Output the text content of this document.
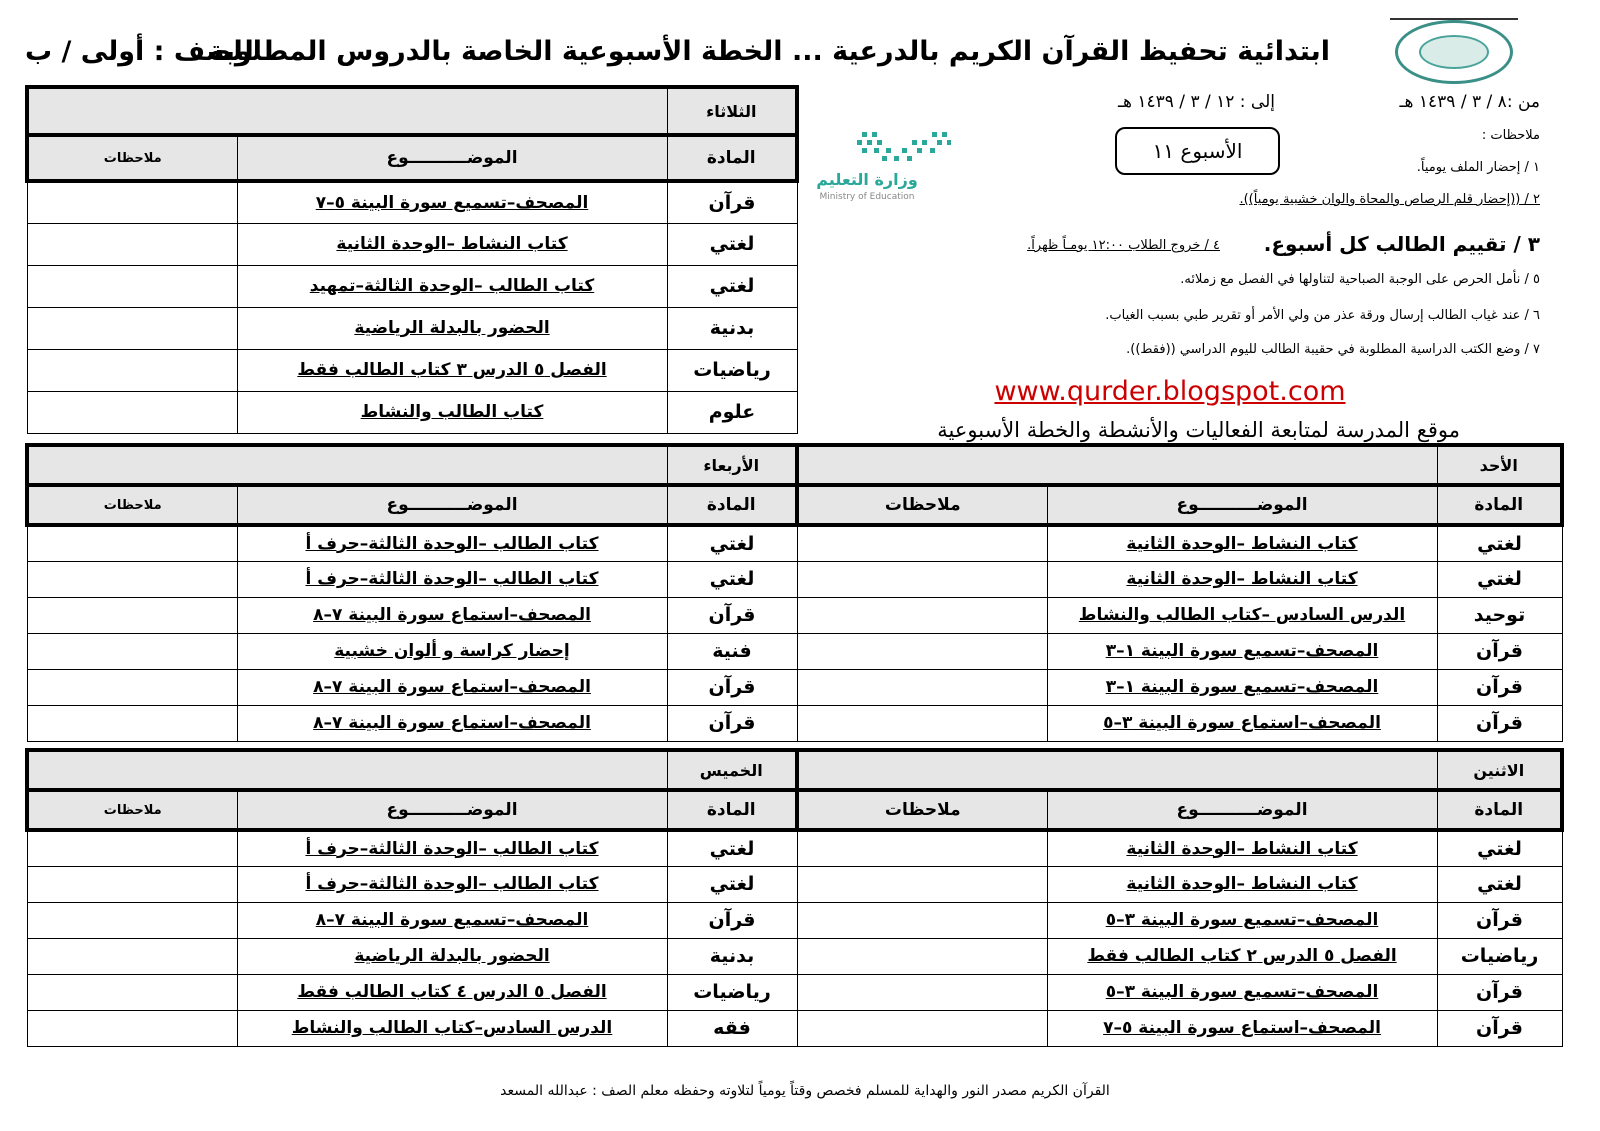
ابتدائية تحفيظ القرآن الكريم بالدرعية ... الخطة الأسبوعية الخاصة بالدروس المطلوبة
للصف : أولى / ب
من :٨ / ٣ / ١٤٣٩ هـ
إلى : ١٢ / ٣ / ١٤٣٩ هـ
ملاحظات :
١ / إحضار الملف يومياً.
٢ / ((إحضار قلم الرصاص والمحاة والوان خشبية يومياً)).
٣ / تقييم الطالب كل أسبوع.
٤ / خروج الطلاب ١٢:٠٠ يومـاً ظهراً.
٥ / نأمل الحرص على الوجبة الصباحية لتناولها في الفصل مع زملائه.
٦ / عند غياب الطالب إرسال ورقة عذر من ولي الأمر أو تقرير طبي بسبب الغياب.
٧ / وضع الكتب الدراسية المطلوبة في حقيبة الطالب لليوم الدراسي ((فقط)).
الأسبوع ١١
وزارة التعليم
Ministry of Education
www.qurder.blogspot.com
موقع المدرسة لمتابعة الفعاليات والأنشطة والخطة الأسبوعية
الثلاثاء		
المادة	الموضــــــــــوع	ملاحظات
قرآن	المصحف–تسميع سورة البينة ٥–٧	
لغتي	كتاب النشاط –الوحدة الثانية	
لغتي	كتاب الطالب –الوحدة الثالثة–تمهيد	
بدنية	الحضور بالبدلة الرياضية	
رياضيات	الفصل ٥ الدرس ٣ كتاب الطالب فقط	
علوم	كتاب الطالب والنشاط	
الأربعاء		
المادة	الموضــــــــــوع	ملاحظات
لغتي	كتاب الطالب –الوحدة الثالثة–حرف أ	
لغتي	كتاب الطالب –الوحدة الثالثة–حرف أ	
قرآن	المصحف–استماع سورة البينة ٧–٨	
فنية	إحضار كراسة و ألوان خشبية	
قرآن	المصحف–استماع سورة البينة ٧–٨	
قرآن	المصحف–استماع سورة البينة ٧–٨	
الخميس		
المادة	الموضــــــــــوع	ملاحظات
لغتي	كتاب الطالب –الوحدة الثالثة–حرف أ	
لغتي	كتاب الطالب –الوحدة الثالثة–حرف أ	
قرآن	المصحف–تسميع سورة البينة ٧–٨	
بدنية	الحضور بالبدلة الرياضية	
رياضيات	الفصل ٥ الدرس ٤ كتاب الطالب فقط	
فقه	الدرس السادس–كتاب الطالب والنشاط	
الأحد		
المادة	الموضــــــــــوع	ملاحظات
لغتي	كتاب النشاط –الوحدة الثانية	
لغتي	كتاب النشاط –الوحدة الثانية	
توحيد	الدرس السادس –كتاب الطالب والنشاط	
قرآن	المصحف–تسميع سورة البينة ١–٣	
قرآن	المصحف–تسميع سورة البينة ١–٣	
قرآن	المصحف–استماع سورة البينة ٣–٥	
الاثنين		
المادة	الموضــــــــــوع	ملاحظات
لغتي	كتاب النشاط –الوحدة الثانية	
لغتي	كتاب النشاط –الوحدة الثانية	
قرآن	المصحف–تسميع سورة البينة ٣–٥	
رياضيات	الفصل ٥ الدرس ٢ كتاب الطالب فقط	
قرآن	المصحف–تسميع سورة البينة ٣–٥	
قرآن	المصحف–استماع سورة البينة ٥–٧	
القرآن الكريم مصدر النور والهداية للمسلم فخصص وقتاً يومياً لتلاوته وحفظه معلم الصف : عبدالله المسعد
